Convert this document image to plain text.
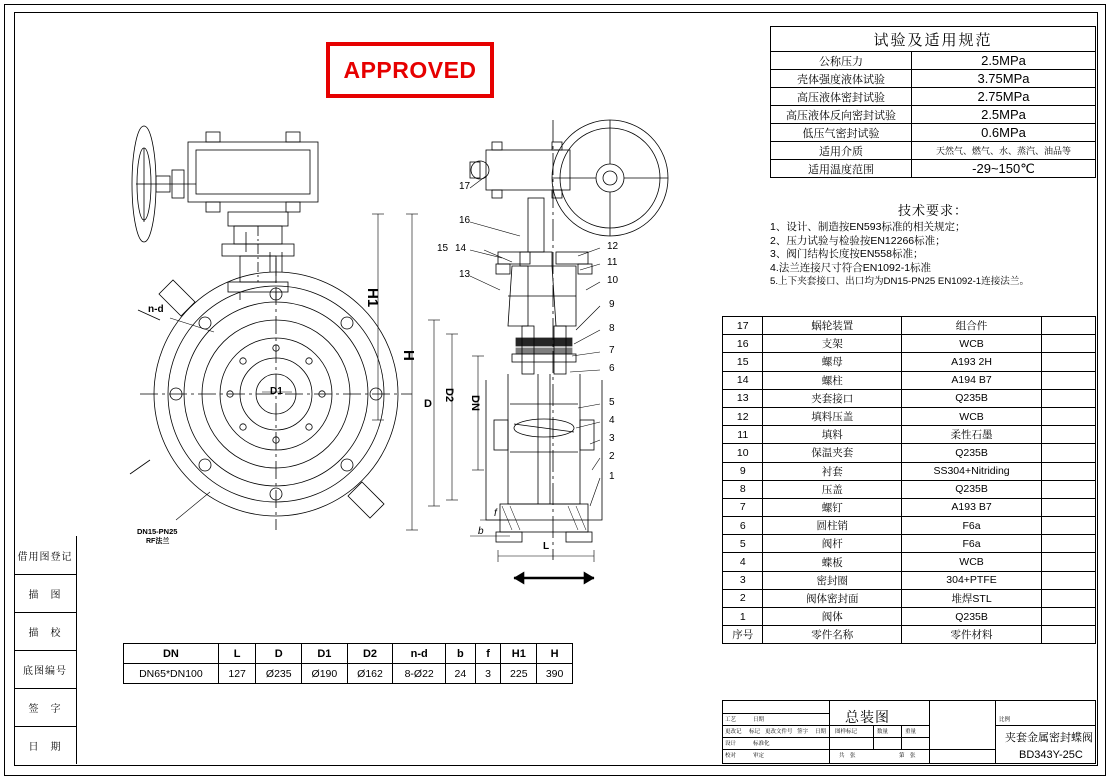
APPROVED
17
16
15 14
13
12
11
10
9
8
7
6
5
4
3
2
1
H1
H
D
D1	D2 DN
n-d
L
b
f
DN15-PN25
RF法兰
试验及适用规范	
公称压力	2.5MPa
壳体强度液体试验	3.75MPa
高压液体密封试验	2.75MPa
高压液体反向密封试验	2.5MPa
低压气密封试验	0.6MPa
适用介质	天然气、燃气、水、蒸汽、油品等
适用温度范围	-29~150℃
技术要求：
1、设计、制造按EN593标准的相关规定；
2、压力试验与检验按EN12266标准；
3、阀门结构长度按EN558标准；
4.法兰连接尺寸符合EN1092-1标准
5.上下夹套接口、出口均为DN15-PN25 EN1092-1连接法兰。
17	蜗轮装置	组合件	
16	支架	WCB	
15	螺母	A193 2H	
14	螺柱	A194 B7	
13	夹套接口	Q235B	
12	填料压盖	WCB	
11	填料	柔性石墨	
10	保温夹套	Q235B	
9	衬套	SS304+Nitriding	
8	压盖	Q235B	
7	螺钉	A193 B7	
6	圆柱销	F6a	
5	阀杆	F6a	
4	蝶板	WCB	
3	密封圈	304+PTFE	
2	阀体密封面	堆焊STL	
1	阀体	Q235B	
序号	零件名称	零件材料	
DN	L	D	D1	D2	n-d	b	f	H1	H
DN65*DN100	127	Ø235	Ø190	Ø162	8-Ø22	24	3	225	390
借用图登记
描　图
描　校
底图编号
签　字
日　期
更改记 标记 更改文件号 签字 日期
设计	标准化
图样标记	数量	重量
比例
校对	审定	共　张	第　张
工艺	日期	总装图
夹套金属密封蝶阀
BD343Y-25C
